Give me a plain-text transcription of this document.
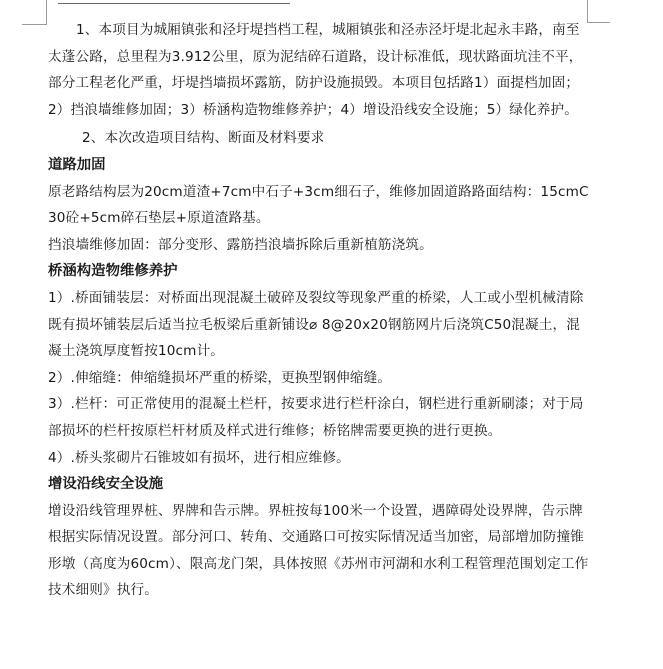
1、本项目为城厢镇张和泾圩堤挡档工程，城厢镇张和泾赤泾圩堤北起永丰路，南至太蓬公路，总里程为3.912公里，原为泥结碎石道路，设计标准低，现状路面坑洼不平，部分工程老化严重，圩堤挡墙损坏露筋，防护设施损毁。本项目包括路1）面提档加固；2）挡浪墙维修加固；3）桥涵构造物维修养护；4）增设沿线安全设施；5）绿化养护。

2、本次改造项目结构、断面及材料要求

道路加固

原老路结构层为20cm道渣+7cm中石子+3cm细石子，维修加固道路路面结构：15cmC30砼+5cm碎石垫层+原道渣路基。

挡浪墙维修加固：部分变形、露筋挡浪墙拆除后重新植筋浇筑。

桥涵构造物维修养护

1）.桥面铺装层：对桥面出现混凝土破碎及裂纹等现象严重的桥梁，人工或小型机械清除既有损坏铺装层后适当拉毛板梁后重新铺设⌀ 8@20x20钢筋网片后浇筑C50混凝土，混凝土浇筑厚度暂按10cm计。

2）.伸缩缝：伸缩缝损坏严重的桥梁，更换型钢伸缩缝。

3）.栏杆：可正常使用的混凝土栏杆，按要求进行栏杆涂白，钢栏进行重新刷漆；对于局部损坏的栏杆按原栏杆材质及样式进行维修；桥铭牌需要更换的进行更换。

4）.桥头浆砌片石锥坡如有损坏，进行相应维修。

增设沿线安全设施

增设沿线管理界桩、界牌和告示牌。界桩按每100米一个设置，遇障碍处设界牌，告示牌根据实际情况设置。部分河口、转角、交通路口可按实际情况适当加密，局部增加防撞锥形墩（高度为60cm）、限高龙门架，具体按照《苏州市河湖和水利工程管理范围划定工作技术细则》执行。
